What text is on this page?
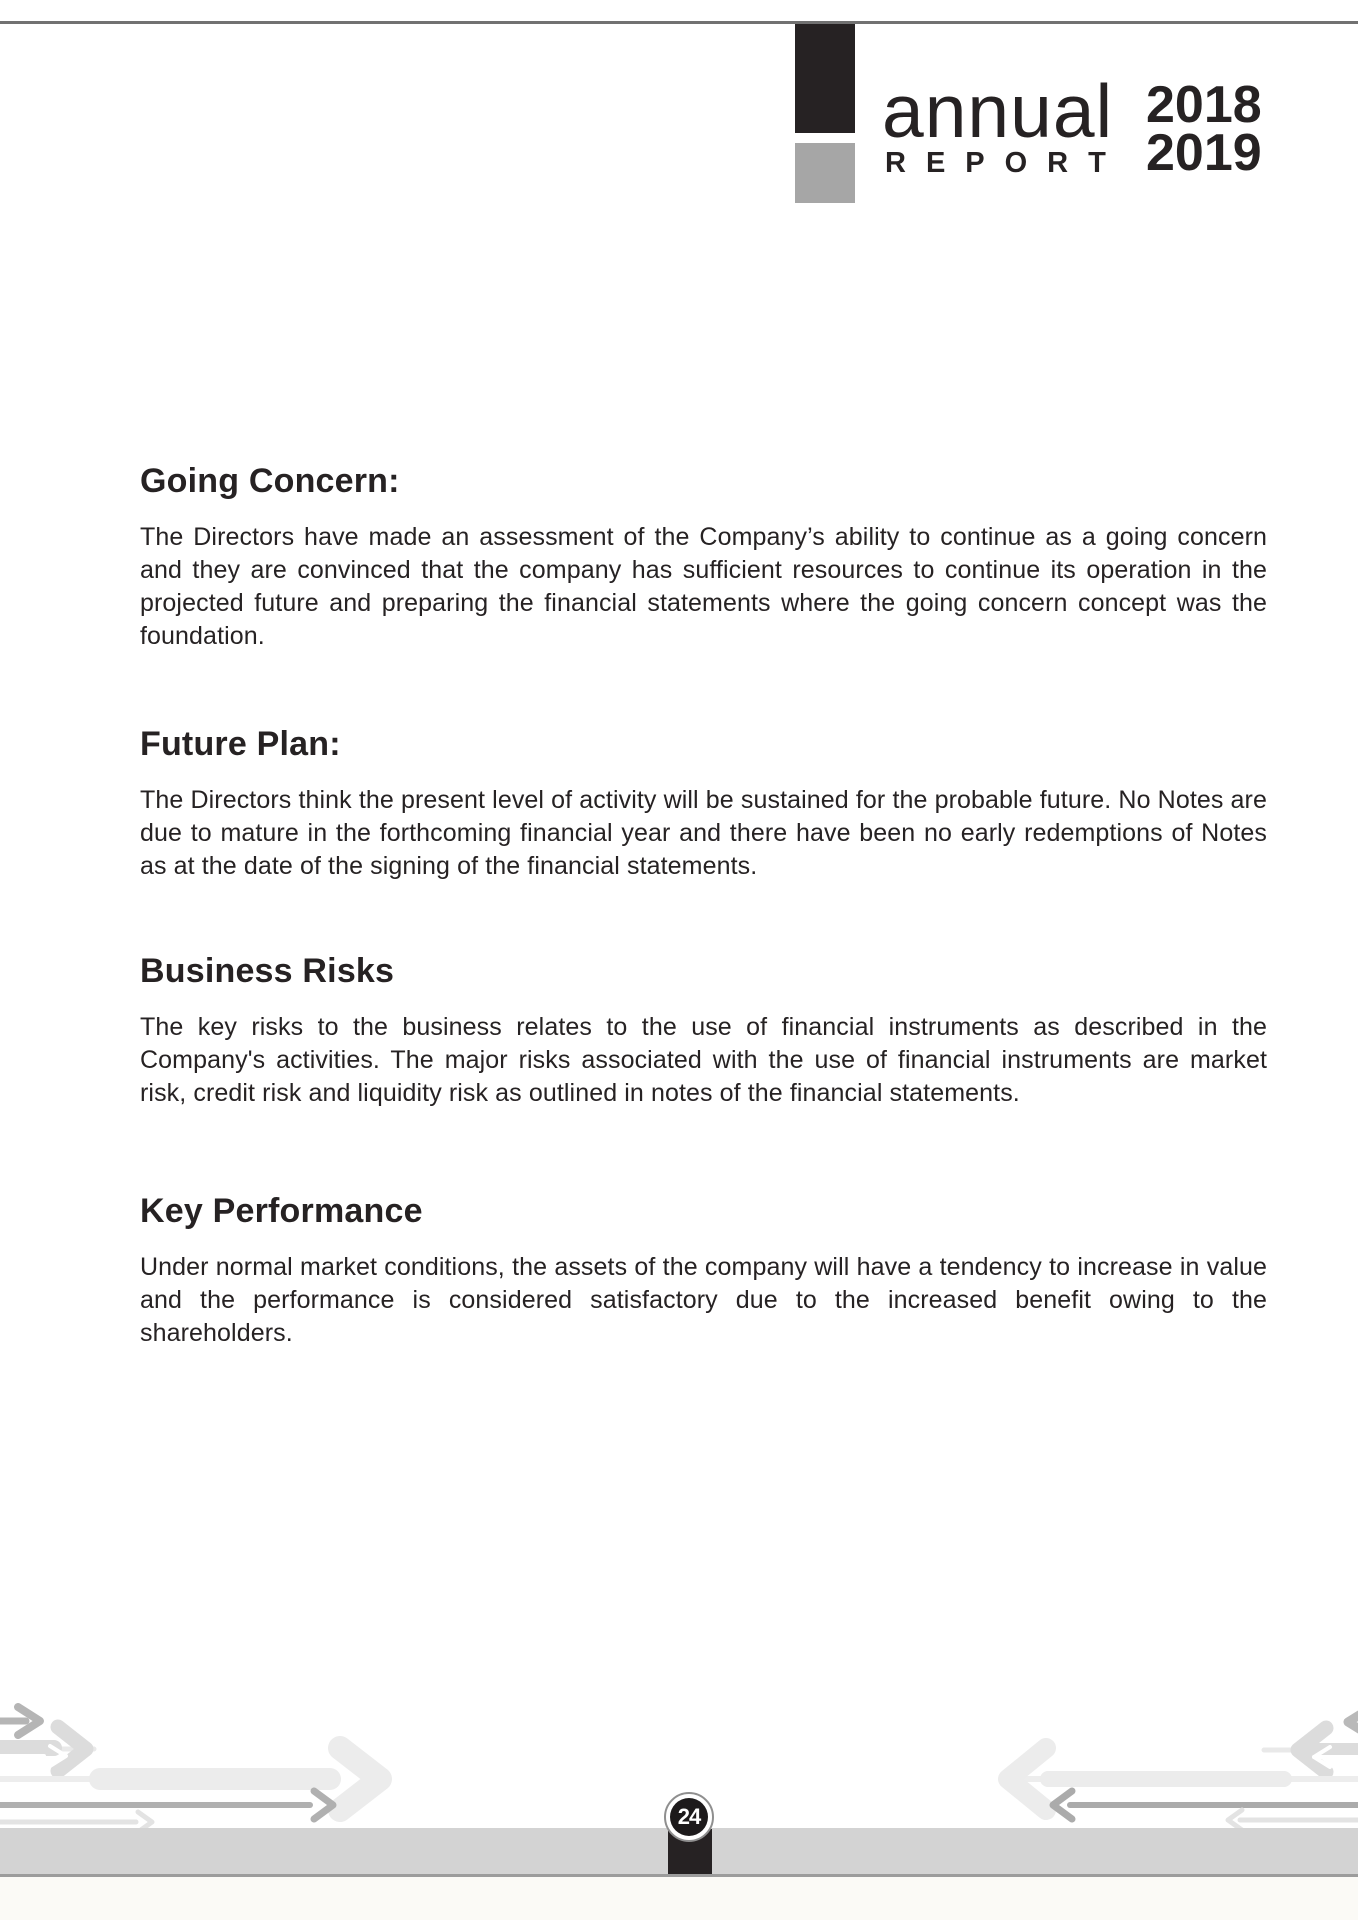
annual
REPORT
2018
2019
Going Concern:

The Directors have made an assessment of the Company’s ability to continue as a going concern and they are convinced that the company has sufficient resources to continue its operation in the projected future and preparing the financial statements where the going concern concept was the foundation.

Future Plan:

The Directors think the present level of activity will be sustained for the probable future. No Notes are due to mature in the forthcoming financial year and there have been no early redemptions of Notes as at the date of the signing of the financial statements.

Business Risks

The key risks to the business relates to the use of financial instruments as described in the Company's activities. The major risks associated with the use of financial instruments are market risk, credit risk and liquidity risk as outlined in notes of the financial statements.

Key Performance

Under normal market conditions, the assets of the company will have a tendency to increase in value and the performance is considered satisfactory due to the increased benefit owing to the shareholders.

24
